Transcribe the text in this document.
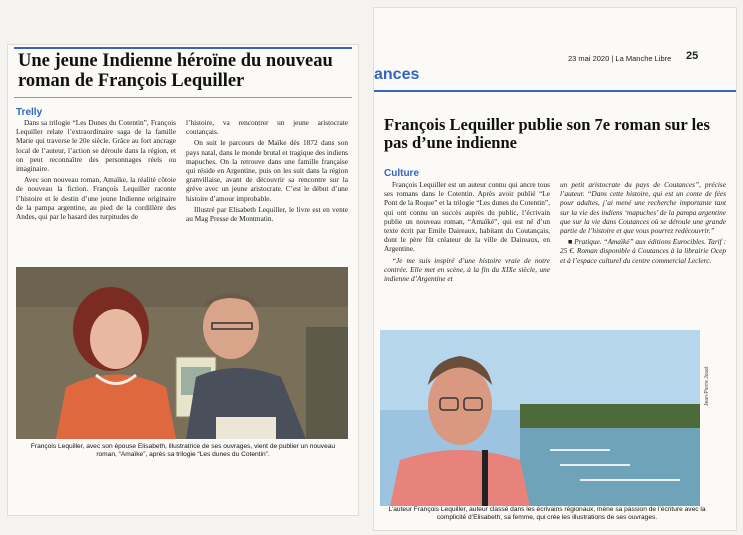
Une jeune Indienne héroïne du nouveau roman de François Lequiller
Trelly

Dans sa trilogie “Les Dunes du Cotentin”, François Lequiller relate l’extraordinaire saga de la famille Marie qui traverse le 20e siècle. Grâce au fort ancrage local de l’auteur, l’action se déroule dans la région, et on peut reconnaître des personnages réels ou imaginaire.

Avec son nouveau roman, Amaïke, la réalité côtoie de nouveau la fiction. François Lequiller raconte l’histoire et le destin d’une jeune Indienne originaire de la pampa argentine, au pied de la cordillère des Andes, qui par le hasard des turpitudes de

l’histoire, va rencontrer un jeune aristocrate coutançais.

On suit le parcours de Maïke dès 1872 dans son pays natal, dans le monde brutal et tragique des indiens mapuches. On la retrouve dans une famille française qui réside en Argentine, puis on les suit dans la région granvillaise, avant de découvrir sa rencontre sur la grève avec un jeune aristocrate. C’est le début d’une histoire d’amour improbable.

Illustré par Elisabeth Lequiller, le livre est en vente au Mag Presse de Montmatin.

François Lequiller, avec son épouse Elisabeth, illustratrice de ses ouvrages, vient de publier un nouveau roman, “Amaïke”, après sa trilogie “Les dunes du Cotentin”.
ances
23 mai 2020 | La Manche Libre 25
François Lequiller publie son 7e roman sur les pas d’une indienne
Culture

François Lequiller est un auteur connu qui ancre tous ses romans dans le Cotentin. Après avoir publié “Le Pont de la Roque” et la trilogie “Les dunes du Cotentin”, qui ont connu un succès auprès du public, l’écrivain publie un nouveau roman, “Amaïké”, qui est né d’un texte écrit par Emile Daireaux, habitant du Coutançais, dont le père fût créateur de la ville de Daireaux, en Argentine.

“Je me suis inspiré d’une histoire vraie de notre contrée. Elle met en scène, à la fin du XIXe siècle, une indienne d’Argentine et

un petit aristocrate du pays de Coutances”, précise l’auteur. “Dans cette histoire, qui est un conte de fées pour adultes, j’ai mené une recherche importante tant sur la vie des indiens ‘mapuches’ de la pampa argentine que sur la vie dans Coutances où se déroule une grande partie de l’histoire et que vous pourrez redécouvrir.”

■ Pratique. “Amaïké” aux éditions Eurocibles. Tarif : 25 €. Roman disponible à Coutances à la librairie Ocep et à l’espace culturel du centre commercial Leclerc.

Jean-Pierre Jouet
L’auteur François Lequiller, auteur classé dans les écrivains régionaux, mène sa passion de l’écriture avec la complicité d’Elisabeth, sa femme, qui crée les illustrations de ses ouvrages.
